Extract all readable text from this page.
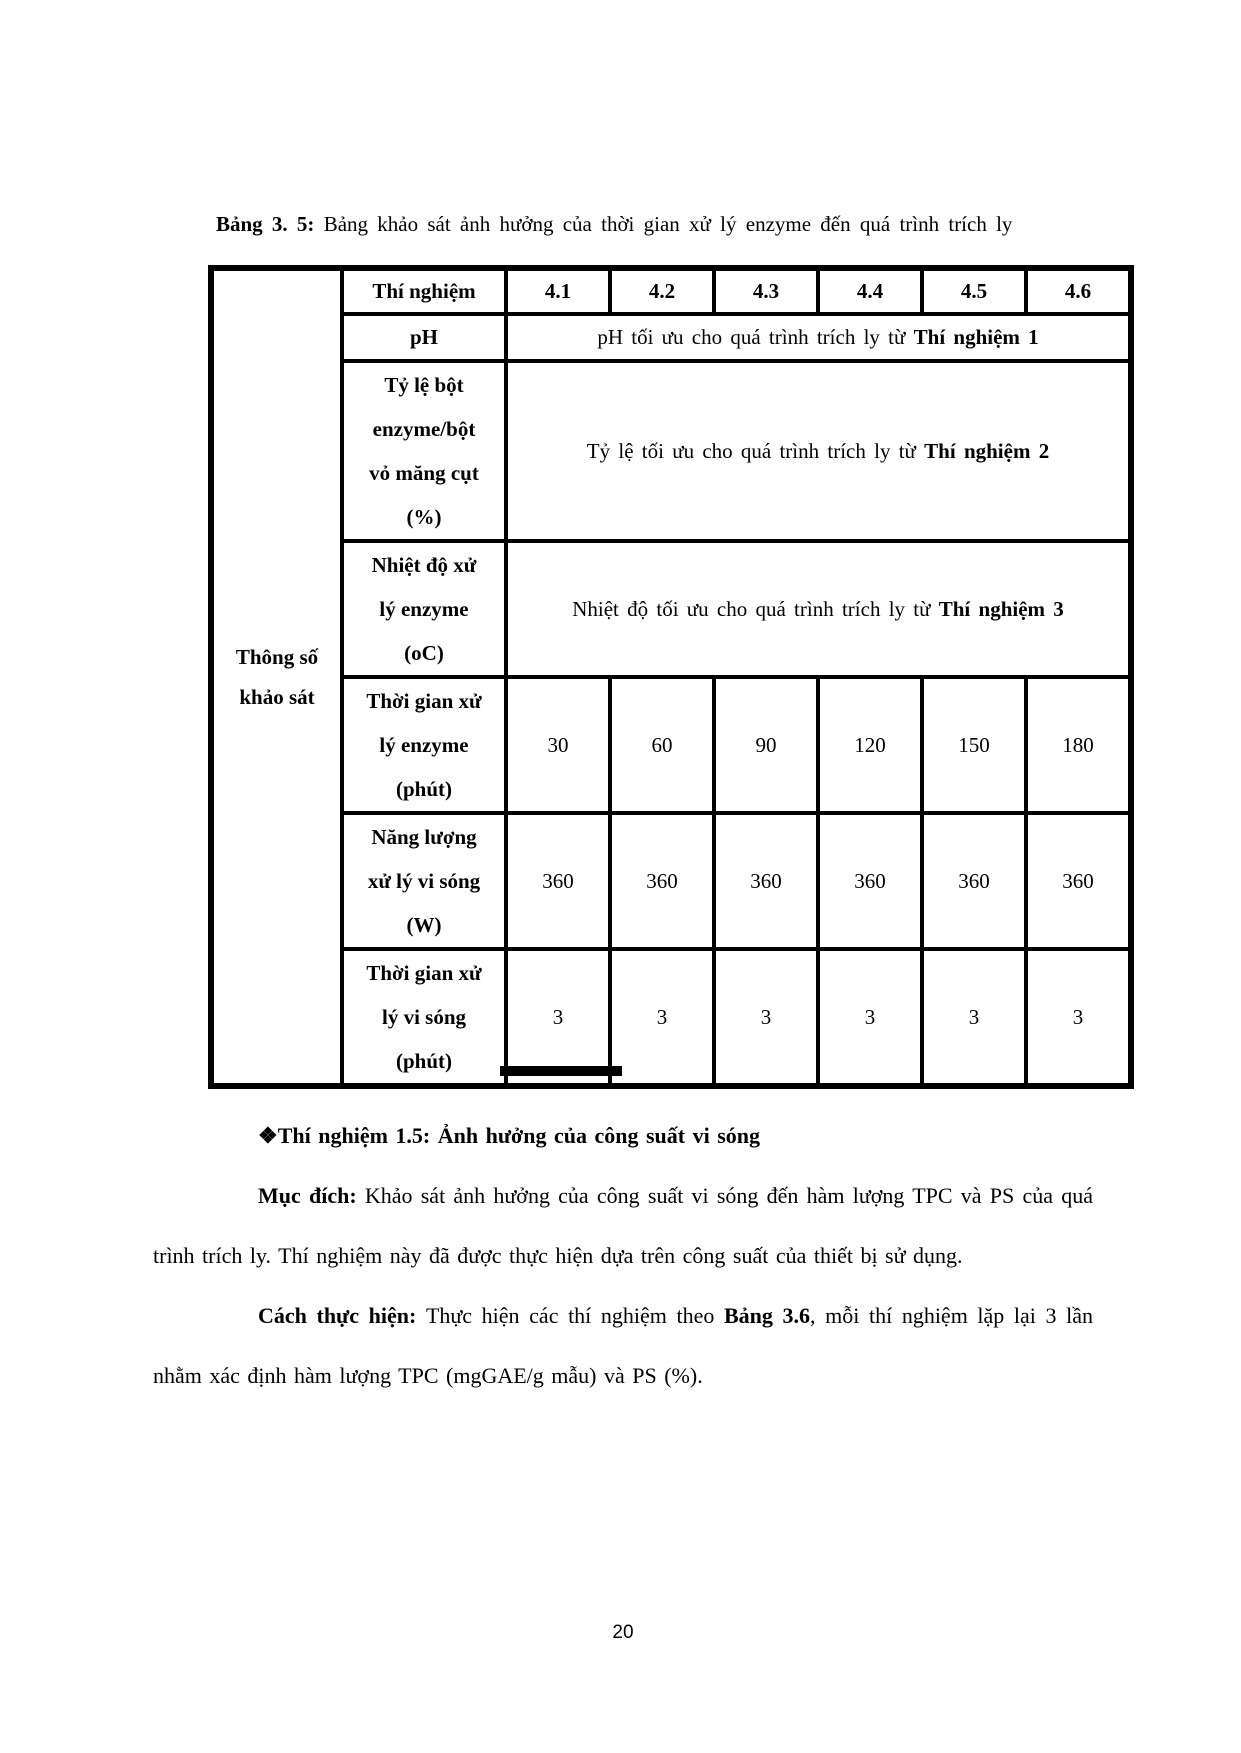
Bảng 3. 5: Bảng khảo sát ảnh hưởng của thời gian xử lý enzyme đến quá trình trích ly
Thông số
khảo sát	Thí nghiệm	4.1	4.2	4.3	4.4	4.5	4.6
	pH	pH tối ưu cho quá trình trích ly từ Thí nghiệm 1					

	Tỷ lệ bột
enzyme/bột
vỏ măng cụt
(%)	Tỷ lệ tối ưu cho quá trình trích ly từ Thí nghiệm 2					

	Nhiệt độ xử
lý enzyme
(oC)	Nhiệt độ tối ưu cho quá trình trích ly từ Thí nghiệm 3					

	Thời gian xử
lý enzyme
(phút)	30	60	90	120	150	180

	Năng lượng
xử lý vi sóng
(W)	360	360	360	360	360	360

	Thời gian xử
lý vi sóng
(phút)	3	3	3	3	3	3

❖Thí nghiệm 1.5: Ảnh hưởng của công suất vi sóng

Mục đích: Khảo sát ảnh hưởng của công suất vi sóng đến hàm lượng TPC và PS của quá trình trích ly. Thí nghiệm này đã được thực hiện dựa trên công suất của thiết bị sử dụng.

Cách thực hiện: Thực hiện các thí nghiệm theo Bảng 3.6, mỗi thí nghiệm lặp lại 3 lần nhằm xác định hàm lượng TPC (mgGAE/g mẫu) và PS (%).

20
